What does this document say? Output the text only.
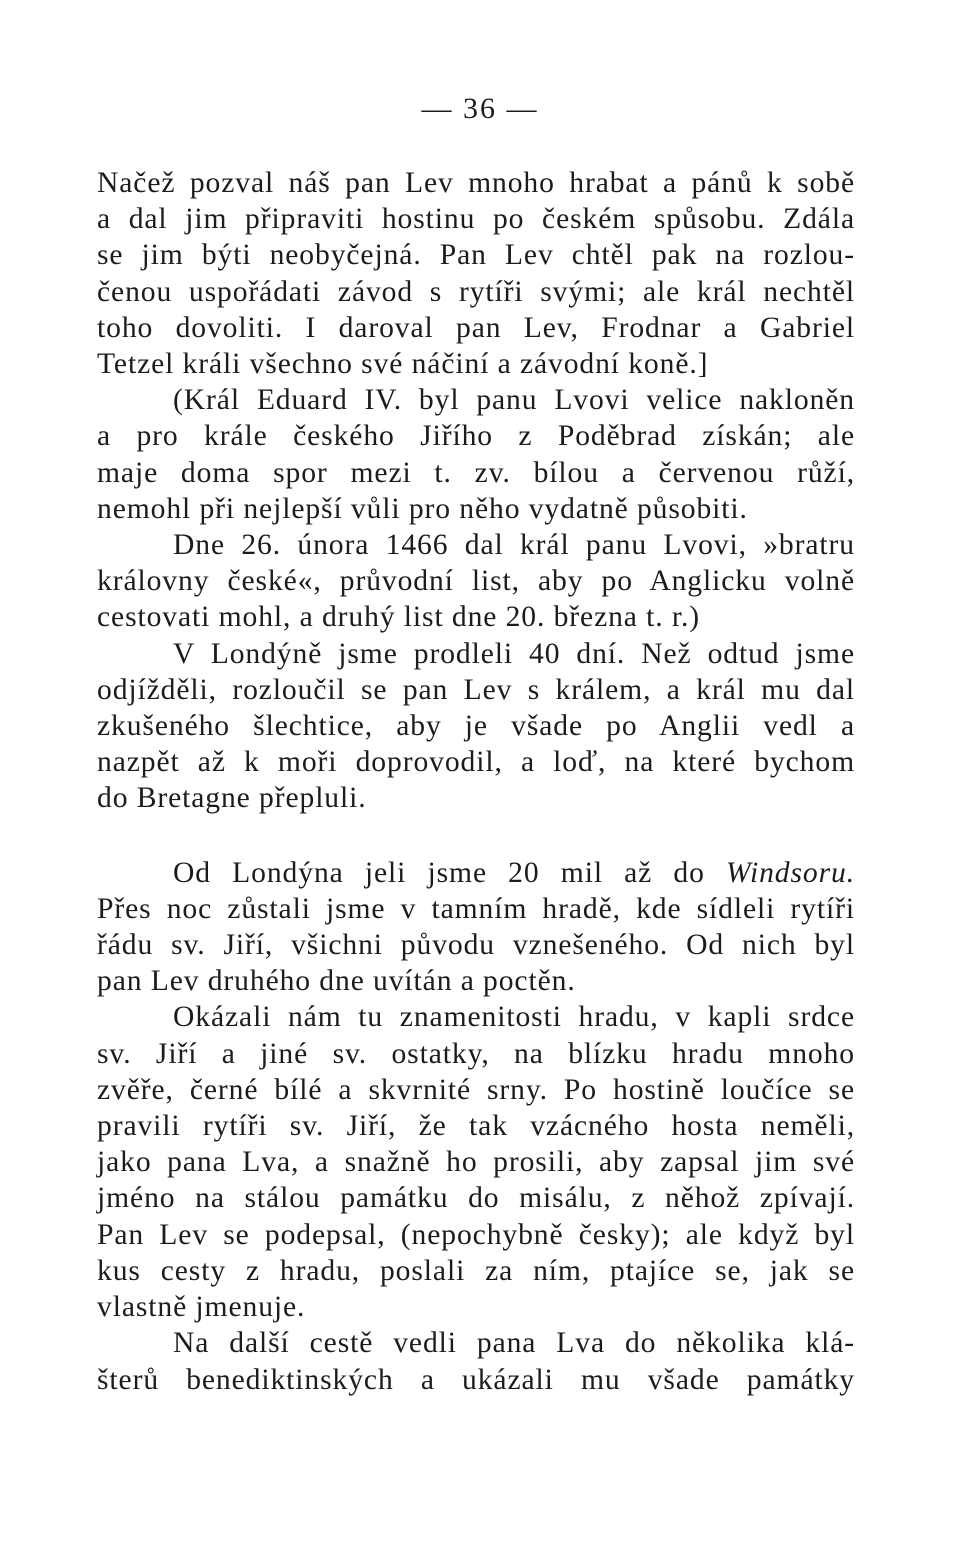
— 36 —
Načež pozval náš pan Lev mnoho hrabat a pánů k sobě
a dal jim připraviti hostinu po českém spůsobu. Zdála
se jim býti neobyčejná. Pan Lev chtěl pak na rozlou-
čenou uspořádati závod s rytíři svými; ale král nechtěl
toho dovoliti. I daroval pan Lev, Frodnar a Gabriel
Tetzel králi všechno své náčiní a závodní koně.]
(Král Eduard IV. byl panu Lvovi velice nakloněn
a pro krále českého Jiřího z Poděbrad získán; ale
maje doma spor mezi t. zv. bílou a červenou růží,
nemohl při nejlepší vůli pro něho vydatně působiti.
Dne 26. února 1466 dal král panu Lvovi, »bratru
královny české«, průvodní list, aby po Anglicku volně
cestovati mohl, a druhý list dne 20. března t. r.)
V Londýně jsme prodleli 40 dní. Než odtud jsme
odjížděli, rozloučil se pan Lev s králem, a král mu dal
zkušeného šlechtice, aby je všade po Anglii vedl a
nazpět až k moři doprovodil, a loď, na které bychom
do Bretagne přepluli.
Od Londýna jeli jsme 20 mil až do Windsoru.
Přes noc zůstali jsme v tamním hradě, kde sídleli rytíři
řádu sv. Jiří, všichni původu vznešeného. Od nich byl
pan Lev druhého dne uvítán a poctěn.
Okázali nám tu znamenitosti hradu, v kapli srdce
sv. Jiří a jiné sv. ostatky, na blízku hradu mnoho
zvěře, černé bílé a skvrnité srny. Po hostině loučíce se
pravili rytíři sv. Jiří, že tak vzácného hosta neměli,
jako pana Lva, a snažně ho prosili, aby zapsal jim své
jméno na stálou památku do misálu, z něhož zpívají.
Pan Lev se podepsal, (nepochybně česky); ale když byl
kus cesty z hradu, poslali za ním, ptajíce se, jak se
vlastně jmenuje.
Na další cestě vedli pana Lva do několika klá-
šterů benediktinských a ukázali mu všade památky
